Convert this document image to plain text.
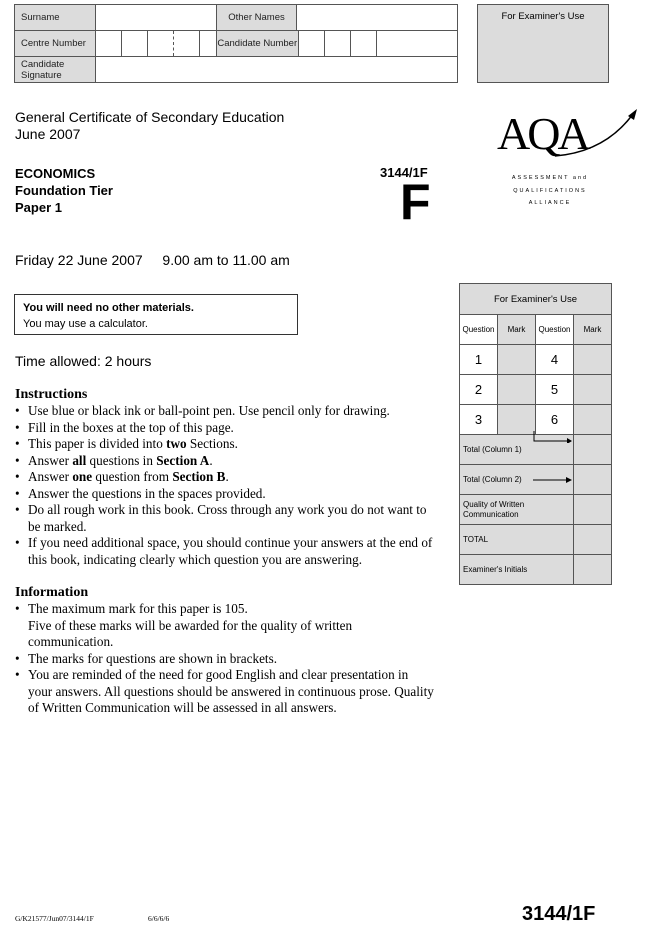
Surname		Other Names		
Centre Number		Candidate Number		

Candidate Signature				
For Examiner's Use
General Certificate of Secondary Education
June 2007	AQA
ASSESSMENT and
QUALIFICATIONS
ALLIANCE
ECONOMICS
Foundation Tier
Paper 1
3144/1F
F
Friday 22 June 2007 9.00 am to 11.00 am
You will need no other materials.
You may use a calculator.
Time allowed: 2 hours
Instructions
• Use blue or black ink or ball-point pen. Use pencil only for drawing.
• Fill in the boxes at the top of this page.
• This paper is divided into two Sections.
• Answer all questions in Section A.
• Answer one question from Section B.
• Answer the questions in the spaces provided.
• Do all rough work in this book. Cross through any work you do not want to be marked.
• If you need additional space, you should continue your answers at the end of this book, indicating clearly which question you are answering.
Information
• The maximum mark for this paper is 105.
Five of these marks will be awarded for the quality of written communication.
• The marks for questions are shown in brackets.
• You are reminded of the need for good English and clear presentation in your answers. All questions should be answered in continuous prose. Quality of Written Communication will be assessed in all answers.
For Examiner's Use			
Question	Mark	Question	Mark
1		4	
2		5	
3		6	
Total (Column 1)		

Total (Column 2)		

Quality of Written Communication			
TOTAL			
Examiner's Initials			
G/K21577/Jun07/3144/1F	6/6/6/6	3144/1F
